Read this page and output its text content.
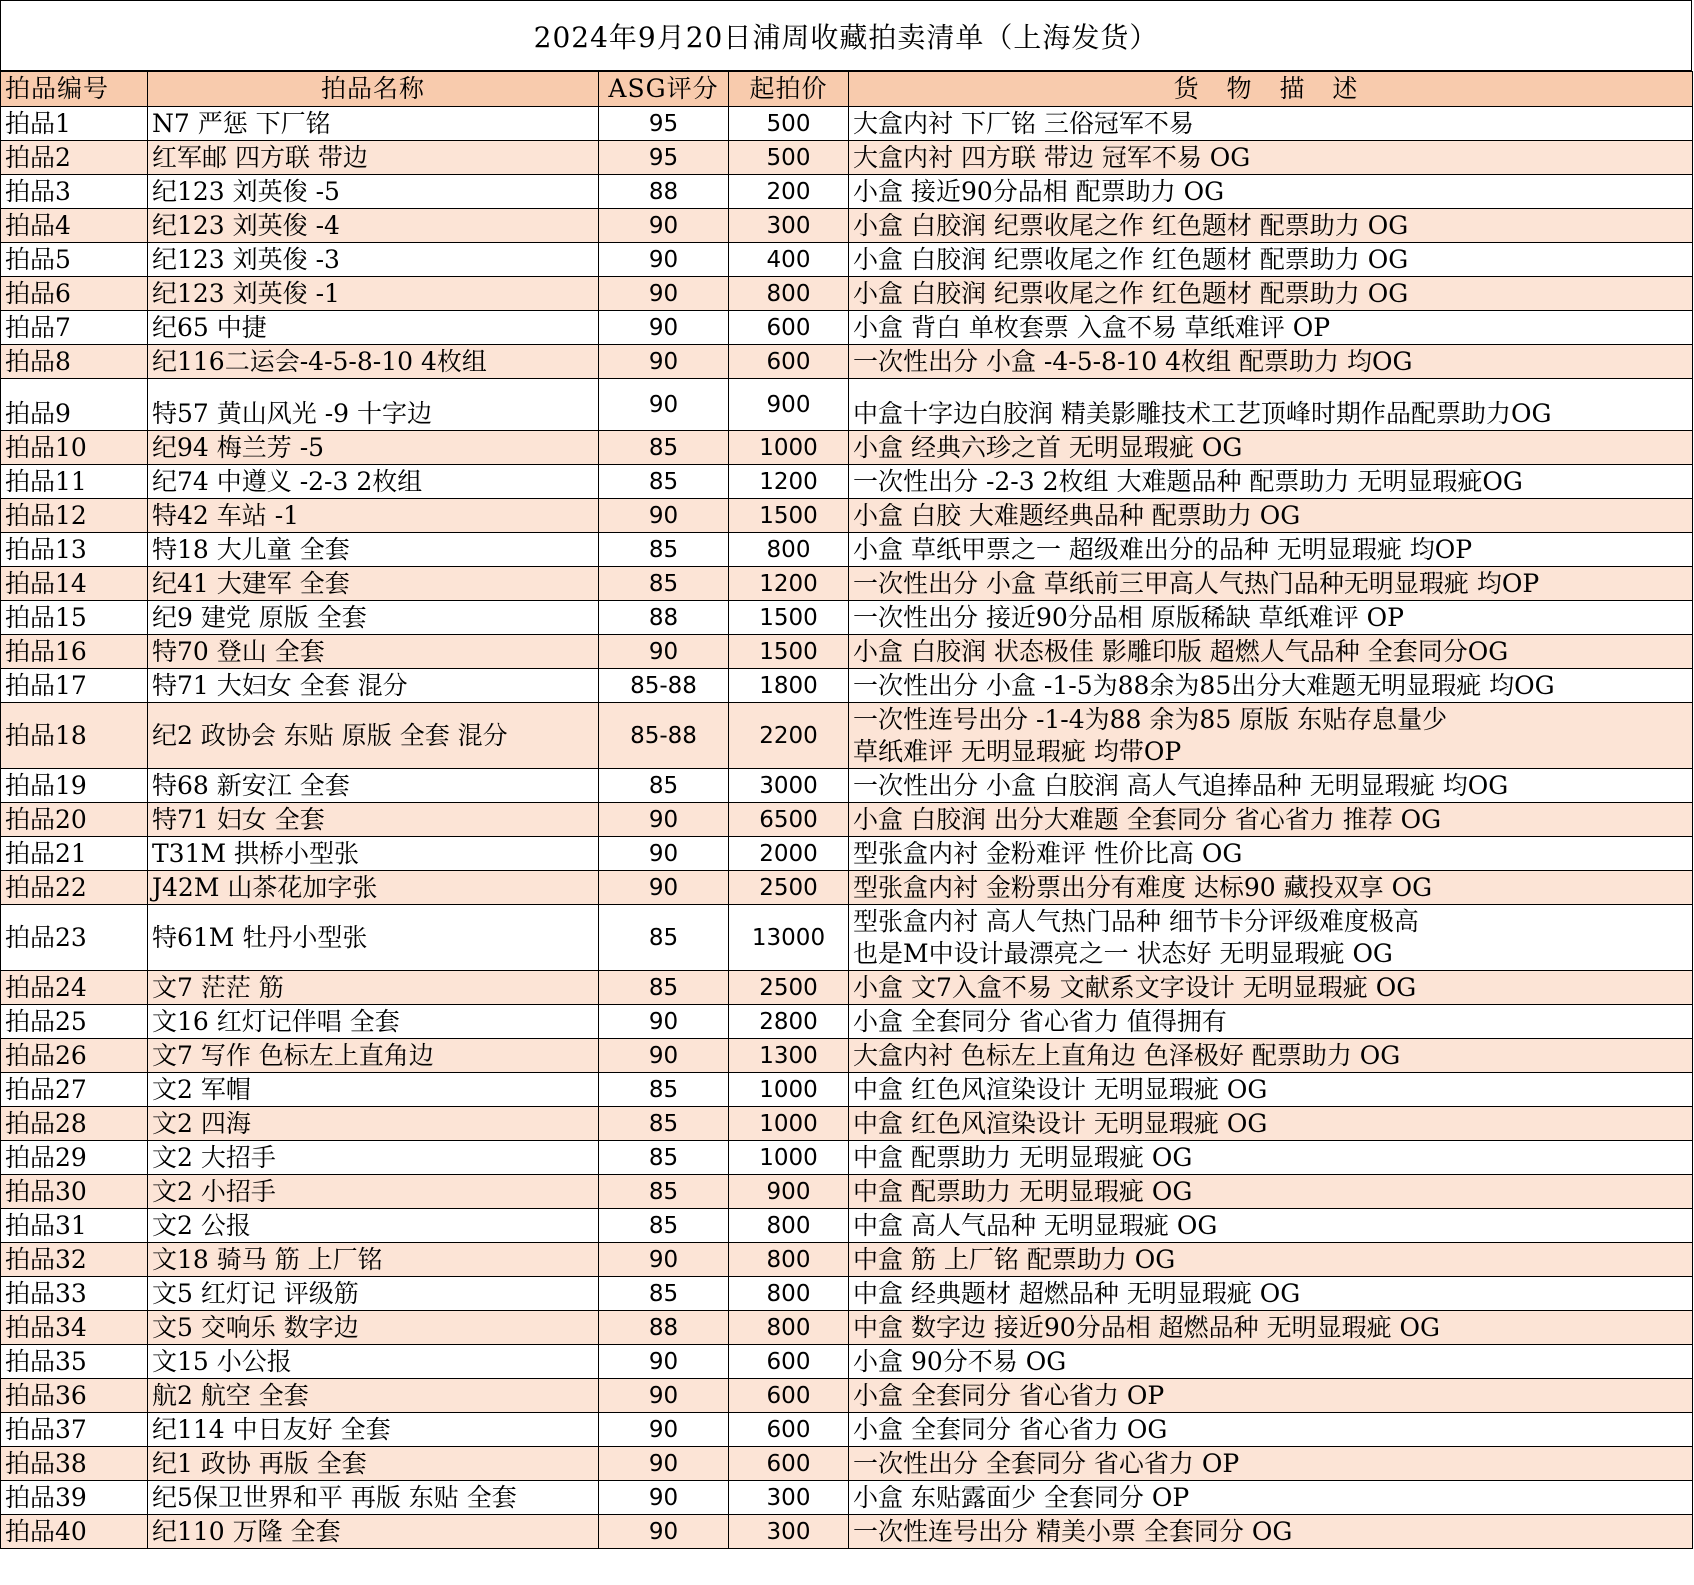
2024年9月20日浦周收藏拍卖清单（上海发货）
拍品编号	拍品名称	ASG评分	起拍价	货 物 描 述
拍品1	N7 严惩 下厂铭	95	500	大盒内衬 下厂铭 三俗冠军不易

拍品2	红军邮 四方联 带边	95	500	大盒内衬 四方联 带边 冠军不易 OG

拍品3	纪123 刘英俊 -5	88	200	小盒 接近90分品相 配票助力 OG

拍品4	纪123 刘英俊 -4	90	300	小盒 白胶润 纪票收尾之作 红色题材 配票助力 OG

拍品5	纪123 刘英俊 -3	90	400	小盒 白胶润 纪票收尾之作 红色题材 配票助力 OG

拍品6	纪123 刘英俊 -1	90	800	小盒 白胶润 纪票收尾之作 红色题材 配票助力 OG

拍品7	纪65 中捷	90	600	小盒 背白 单枚套票 入盒不易 草纸难评 OP

拍品8	纪116二运会-4-5-8-10 4枚组	90	600	一次性出分 小盒 -4-5-8-10 4枚组 配票助力 均OG

拍品9	特57 黄山风光 -9 十字边	90	900	中盒十字边白胶润 精美影雕技术工艺顶峰时期作品配票助力OG

拍品10	纪94 梅兰芳 -5	85	1000	小盒 经典六珍之首 无明显瑕疵 OG

拍品11	纪74 中遵义 -2-3 2枚组	85	1200	一次性出分 -2-3 2枚组 大难题品种 配票助力 无明显瑕疵OG

拍品12	特42 车站 -1	90	1500	小盒 白胶 大难题经典品种 配票助力 OG

拍品13	特18 大儿童 全套	85	800	小盒 草纸甲票之一 超级难出分的品种 无明显瑕疵 均OP

拍品14	纪41 大建军 全套	85	1200	一次性出分 小盒 草纸前三甲高人气热门品种无明显瑕疵 均OP

拍品15	纪9 建党 原版 全套	88	1500	一次性出分 接近90分品相 原版稀缺 草纸难评 OP

拍品16	特70 登山 全套	90	1500	小盒 白胶润 状态极佳 影雕印版 超燃人气品种 全套同分OG

拍品17	特71 大妇女 全套 混分	85-88	1800	一次性出分 小盒 -1-5为88余为85出分大难题无明显瑕疵 均OG

拍品18	纪2 政协会 东贴 原版 全套 混分	85-88	2200	一次性连号出分 -1-4为88 余为85 原版 东贴存息量少
草纸难评 无明显瑕疵 均带OP

拍品19	特68 新安江 全套	85	3000	一次性出分 小盒 白胶润 高人气追捧品种 无明显瑕疵 均OG

拍品20	特71 妇女 全套	90	6500	小盒 白胶润 出分大难题 全套同分 省心省力 推荐 OG

拍品21	T31M 拱桥小型张	90	2000	型张盒内衬 金粉难评 性价比高 OG

拍品22	J42M 山茶花加字张	90	2500	型张盒内衬 金粉票出分有难度 达标90 藏投双享 OG

拍品23	特61M 牡丹小型张	85	13000	型张盒内衬 高人气热门品种 细节卡分评级难度极高
也是M中设计最漂亮之一 状态好 无明显瑕疵 OG

拍品24	文7 茫茫 筋	85	2500	小盒 文7入盒不易 文献系文字设计 无明显瑕疵 OG

拍品25	文16 红灯记伴唱 全套	90	2800	小盒 全套同分 省心省力 值得拥有

拍品26	文7 写作 色标左上直角边	90	1300	大盒内衬 色标左上直角边 色泽极好 配票助力 OG

拍品27	文2 军帽	85	1000	中盒 红色风渲染设计 无明显瑕疵 OG

拍品28	文2 四海	85	1000	中盒 红色风渲染设计 无明显瑕疵 OG

拍品29	文2 大招手	85	1000	中盒 配票助力 无明显瑕疵 OG

拍品30	文2 小招手	85	900	中盒 配票助力 无明显瑕疵 OG

拍品31	文2 公报	85	800	中盒 高人气品种 无明显瑕疵 OG

拍品32	文18 骑马 筋 上厂铭	90	800	中盒 筋 上厂铭 配票助力 OG

拍品33	文5 红灯记 评级筋	85	800	中盒 经典题材 超燃品种 无明显瑕疵 OG

拍品34	文5 交响乐 数字边	88	800	中盒 数字边 接近90分品相 超燃品种 无明显瑕疵 OG

拍品35	文15 小公报	90	600	小盒 90分不易 OG

拍品36	航2 航空 全套	90	600	小盒 全套同分 省心省力 OP

拍品37	纪114 中日友好 全套	90	600	小盒 全套同分 省心省力 OG

拍品38	纪1 政协 再版 全套	90	600	一次性出分 全套同分 省心省力 OP

拍品39	纪5保卫世界和平 再版 东贴 全套	90	300	小盒 东贴露面少 全套同分 OP

拍品40	纪110 万隆 全套	90	300	一次性连号出分 精美小票 全套同分 OG
